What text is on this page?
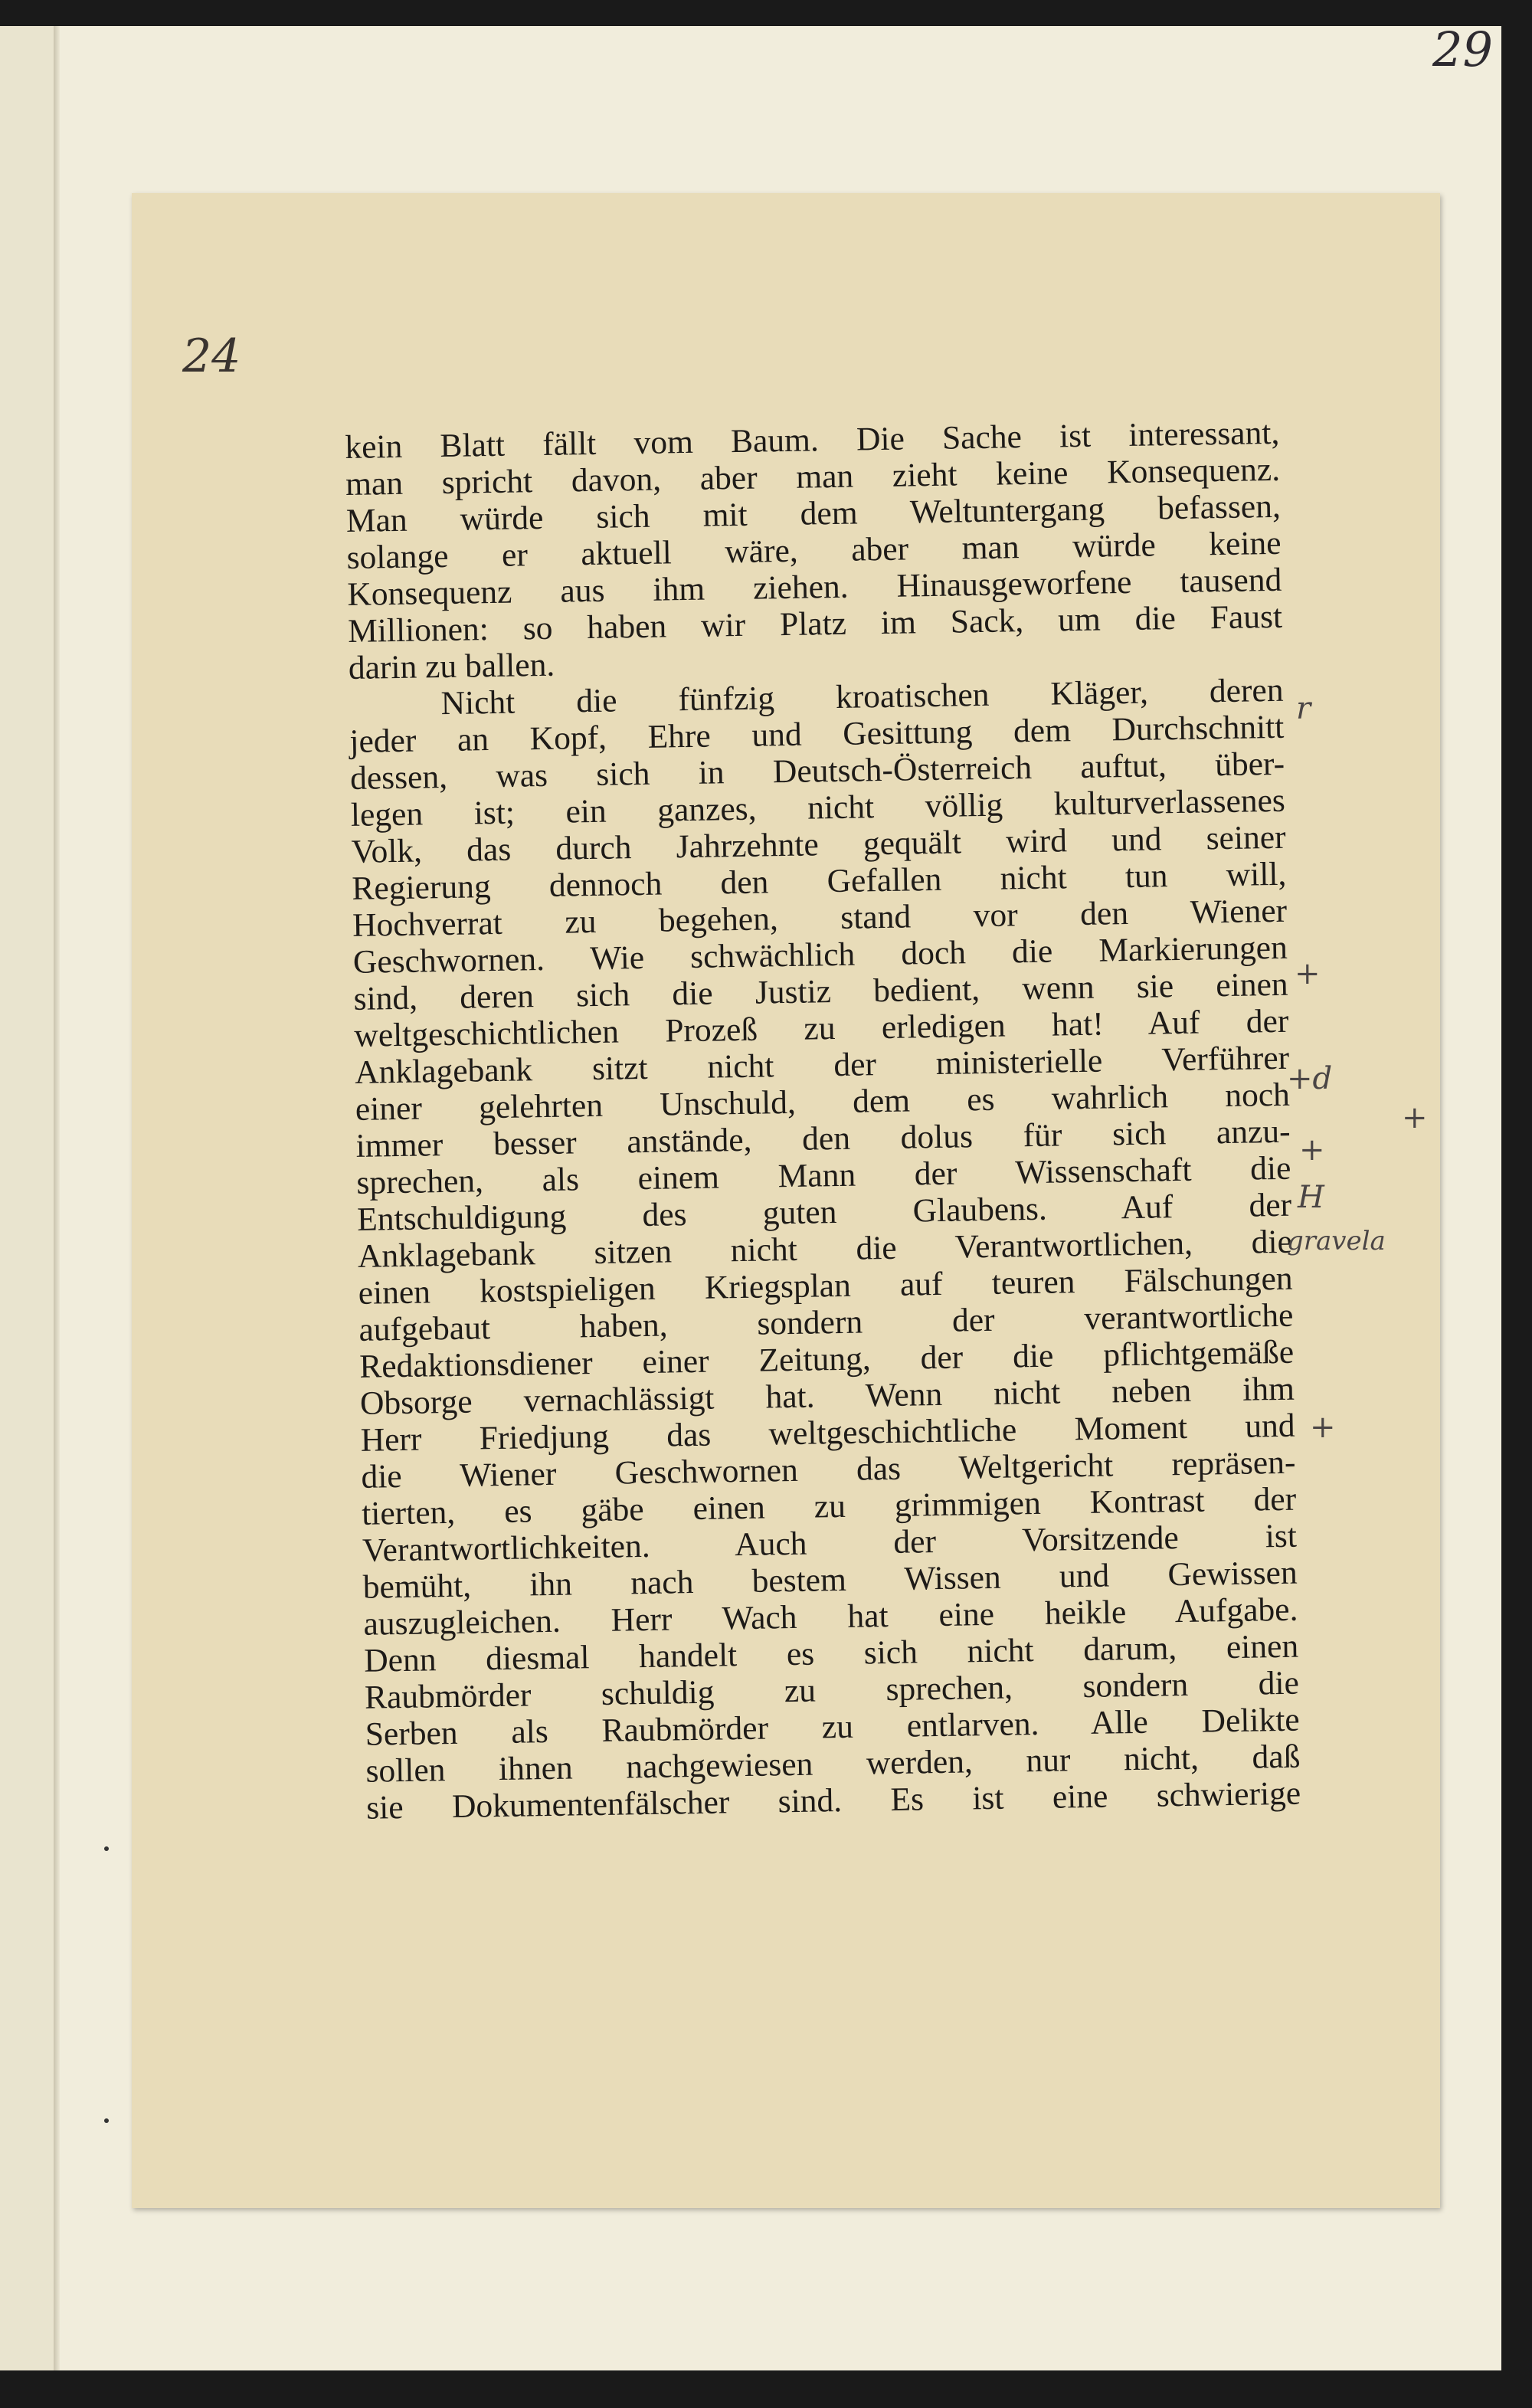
29
24
kein Blatt fällt vom Baum. Die Sache ist interessant,
man spricht davon, aber man zieht keine Konsequenz.
Man würde sich mit dem Weltuntergang befassen,
solange er aktuell wäre, aber man würde keine
Konsequenz aus ihm ziehen. Hinausgeworfene tausend
Millionen: so haben wir Platz im Sack, um die Faust
darin zu ballen.
Nicht die fünfzig kroatischen Kläger, deren
jeder an Kopf, Ehre und Gesittung dem Durchschnitt
dessen, was sich in Deutsch-Österreich auftut, über-
legen ist; ein ganzes, nicht völlig kulturverlassenes
Volk, das durch Jahrzehnte gequält wird und seiner
Regierung dennoch den Gefallen nicht tun will,
Hochverrat zu begehen, stand vor den Wiener
Geschwornen. Wie schwächlich doch die Markierungen
sind, deren sich die Justiz bedient, wenn sie einen
weltgeschichtlichen Prozeß zu erledigen hat! Auf der
Anklagebank sitzt nicht der ministerielle Verführer
einer gelehrten Unschuld, dem es wahrlich noch
immer besser anstände, den dolus für sich anzu-
sprechen, als einem Mann der Wissenschaft die
Entschuldigung des guten Glaubens. Auf der
Anklagebank sitzen nicht die Verantwortlichen, die
einen kostspieligen Kriegsplan auf teuren Fälschungen
aufgebaut haben, sondern der verantwortliche
Redaktionsdiener einer Zeitung, der die pflichtgemäße
Obsorge vernachlässigt hat. Wenn nicht neben ihm
Herr Friedjung das weltgeschichtliche Moment und
die Wiener Geschwornen das Weltgericht repräsen-
tierten, es gäbe einen zu grimmigen Kontrast der
Verantwortlichkeiten. Auch der Vorsitzende ist
bemüht, ihn nach bestem Wissen und Gewissen
auszugleichen. Herr Wach hat eine heikle Aufgabe.
Denn diesmal handelt es sich nicht darum, einen
Raubmörder schuldig zu sprechen, sondern die
Serben als Raubmörder zu entlarven. Alle Delikte
sollen ihnen nachgewiesen werden, nur nicht, daß
sie Dokumentenfälscher sind. Es ist eine schwierige
r
+
+d
+
+
H
gravela
+
